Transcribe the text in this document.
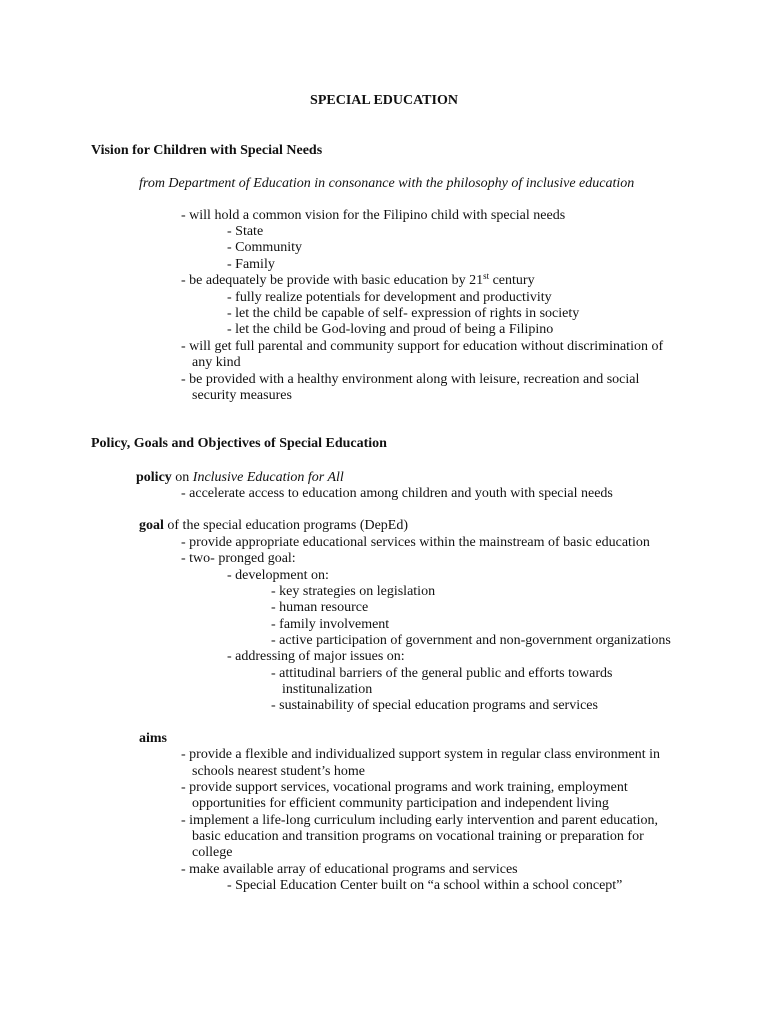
SPECIAL EDUCATION
Vision for Children with Special Needs
from Department of Education in consonance with the philosophy of inclusive education
- will hold a common vision for the Filipino child with special needs
- State
- Community
- Family
- be adequately be provide with basic education by 21st century
- fully realize potentials for development and productivity
- let the child be capable of self- expression of rights in society
- let the child be God-loving and proud of being a Filipino
- will get full parental and community support for education without discrimination of
any kind
- be provided with a healthy environment along with leisure, recreation and social
security measures
Policy, Goals and Objectives of Special Education
policy on Inclusive Education for All
- accelerate access to education among children and youth with special needs
goal of the special education programs (DepEd)
- provide appropriate educational services within the mainstream of basic education
- two- pronged goal:
- development on:
- key strategies on legislation
- human resource
- family involvement
- active participation of government and non-government organizations
- addressing of major issues on:
- attitudinal barriers of the general public and efforts towards
institunalization
- sustainability of special education programs and services
aims
- provide a flexible and individualized support system in regular class environment in
schools nearest student’s home
- provide support services, vocational programs and work training, employment
opportunities for efficient community participation and independent living
- implement a life-long curriculum including early intervention and parent education,
basic education and transition programs on vocational training or preparation for
college
- make available array of educational programs and services
- Special Education Center built on “a school within a school concept”
